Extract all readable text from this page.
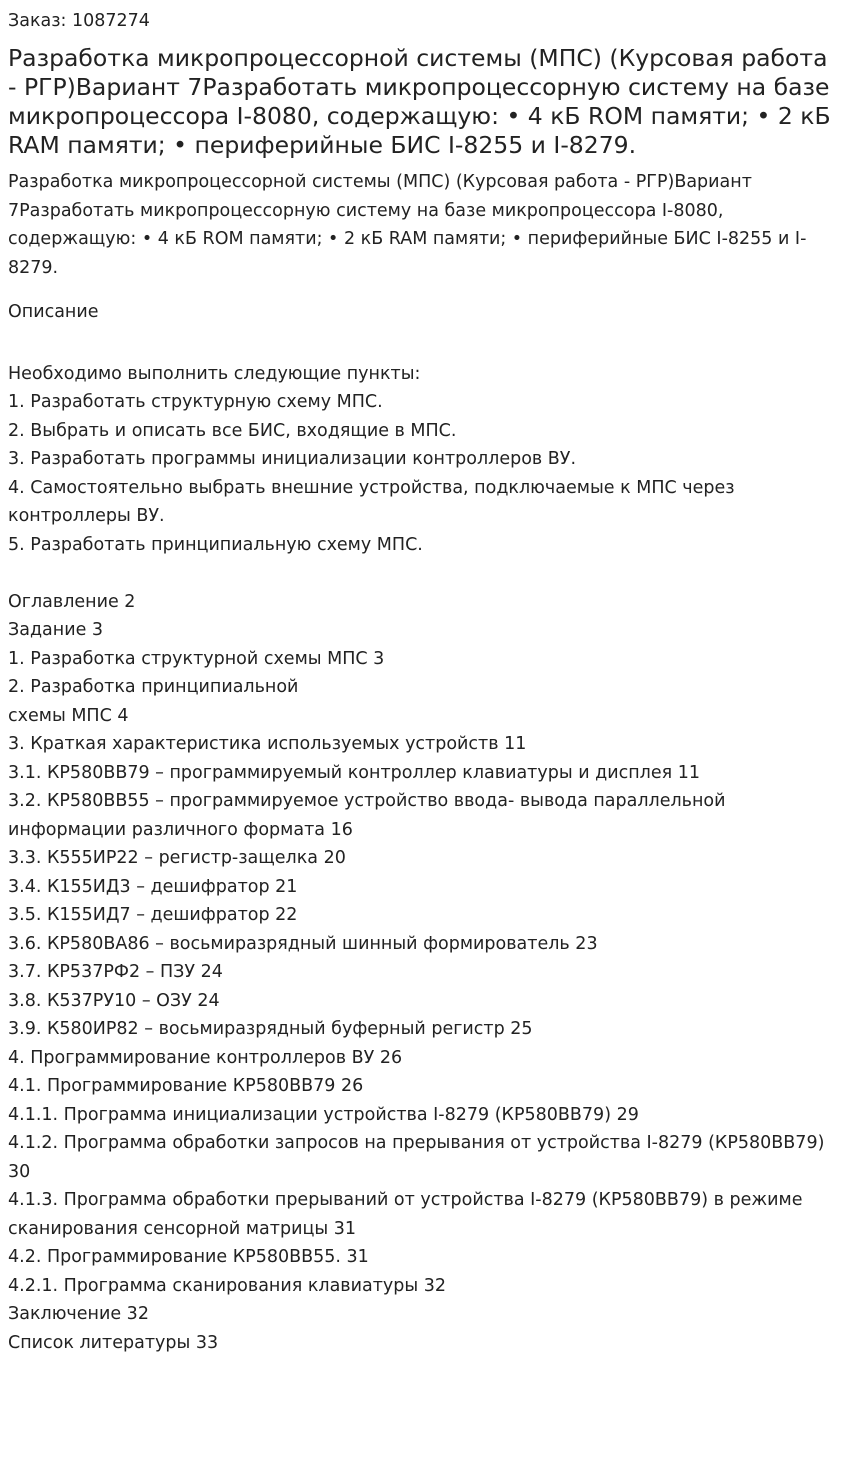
Заказ: 1087274

Разработка микропроцессорной системы (МПС) (Курсовая работа - РГР)Вариант 7Разработать микропроцессорную систему на базе микропроцессора I-8080, содержащую: • 4 кБ ROM памяти; • 2 кБ RAM памяти; • периферийные БИС I-8255 и I-8279.

Разработка микропроцессорной системы (МПС) (Курсовая работа - РГР)Вариант 7Разработать микропроцессорную систему на базе микропроцессора I-8080, содержащую: • 4 кБ ROM памяти; • 2 кБ RAM памяти; • периферийные БИС I-8255 и I-8279.

Описание

Необходимо выполнить следующие пункты:

1. Разработать структурную схему МПС.

2. Выбрать и описать все БИС, входящие в МПС.

3. Разработать программы инициализации контроллеров ВУ.

4. Самостоятельно выбрать внешние устройства, подключаемые к МПС через контроллеры ВУ.

5. Разработать принципиальную схему МПС.

Оглавление 2

Задание 3

1. Разработка структурной схемы МПС 3

2. Разработка принципиальной

схемы МПС 4

3. Краткая характеристика используемых устройств 11

3.1. КР580ВВ79 – программируемый контроллер клавиатуры и дисплея 11

3.2. КР580ВВ55 – программируемое устройство ввода- вывода параллельной информации различного формата 16

3.3. К555ИР22 – регистр-защелка 20

3.4. К155ИД3 – дешифратор 21

3.5. К155ИД7 – дешифратор 22

3.6. КР580ВА86 – восьмиразрядный шинный формирователь 23

3.7. КР537РФ2 – ПЗУ 24

3.8. К537РУ10 – ОЗУ 24

3.9. К580ИР82 – восьмиразрядный буферный регистр 25

4. Программирование контроллеров ВУ 26

4.1. Программирование КР580ВВ79 26

4.1.1. Программа инициализации устройства I-8279 (КР580ВВ79) 29

4.1.2. Программа обработки запросов на прерывания от устройства I-8279 (КР580ВВ79) 30

4.1.3. Программа обработки прерываний от устройства I-8279 (КР580ВВ79) в режиме сканирования сенсорной матрицы 31

4.2. Программирование КР580ВВ55. 31

4.2.1. Программа сканирования клавиатуры 32

Заключение 32

Список литературы 33
